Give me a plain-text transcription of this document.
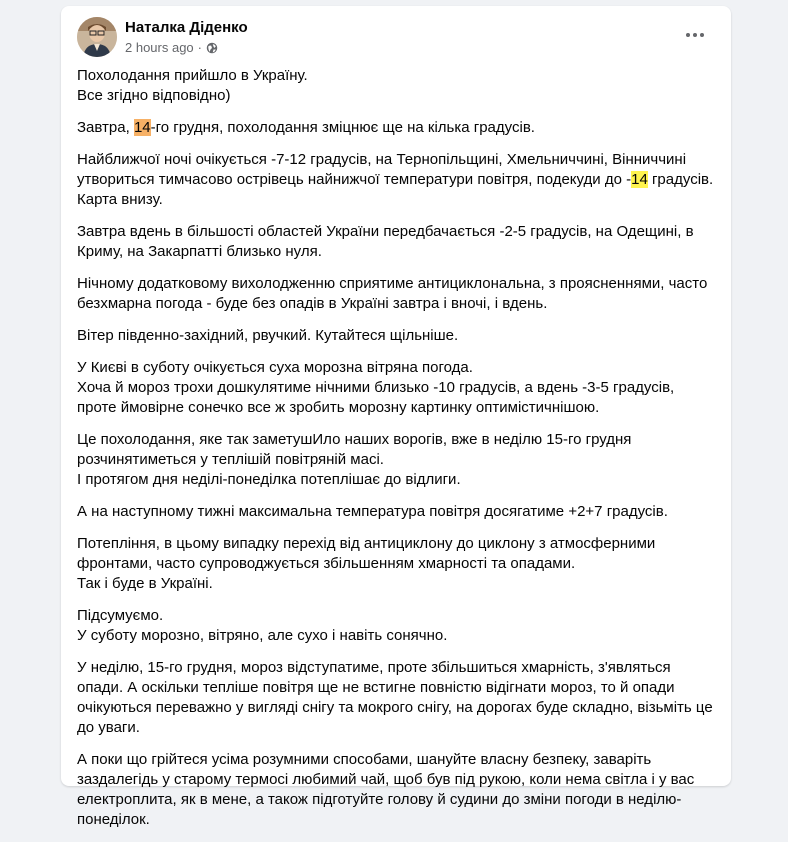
Наталка Діденко
2 hours ago ·

Похолодання прийшло в Україну.
Все згідно відповідно)

Завтра, 14-го грудня, похолодання зміцнює ще на кілька градусів.

Найближчої ночі очікується -7-12 градусів, на Тернопільщині, Хмельниччині, Вінниччині утвориться тимчасово острівець найнижчої температури повітря, подекуди до -14 градусів. Карта внизу.

Завтра вдень в більшості областей України передбачається -2-5 градусів, на Одещині, в Криму, на Закарпатті близько нуля.

Нічному додатковому вихолодженню сприятиме антициклональна, з проясненнями, часто безхмарна погода - буде без опадів в Україні завтра і вночі, і вдень.

Вітер південно-західний, рвучкий. Кутайтеся щільніше.

У Києві в суботу очікується суха морозна вітряна погода.
Хоча й мороз трохи дошкулятиме нічними близько -10 градусів, а вдень -3-5 градусів, проте ймовірне сонечко все ж зробить морозну картинку оптимістичнішою.

Це похолодання, яке так заметушИло наших ворогів, вже в неділю 15-го грудня розчинятиметься у теплішій повітряній масі.
І протягом дня неділі-понеділка потеплішає до відлиги.

А на наступному тижні максимальна температура повітря досягатиме +2+7 градусів.

Потепління, в цьому випадку перехід від антициклону до циклону з атмосферними фронтами, часто супроводжується збільшенням хмарності та опадами.
Так і буде в Україні.

Підсумуємо.
У суботу морозно, вітряно, але сухо і навіть сонячно.

У неділю, 15-го грудня, мороз відступатиме, проте збільшиться хмарність, з'являться опади. А оскільки тепліше повітря ще не встигне повністю відігнати мороз, то й опади очікуються переважно у вигляді снігу та мокрого снігу, на дорогах буде складно, візьміть це до уваги.

А поки що грійтеся усіма розумними способами, шануйте власну безпеку, заваріть заздалегідь у старому термосі любимий чай, щоб був під рукою, коли нема світла і у вас електроплита, як в мене, а також підготуйте голову й судини до зміни погоди в неділю-понеділок.
